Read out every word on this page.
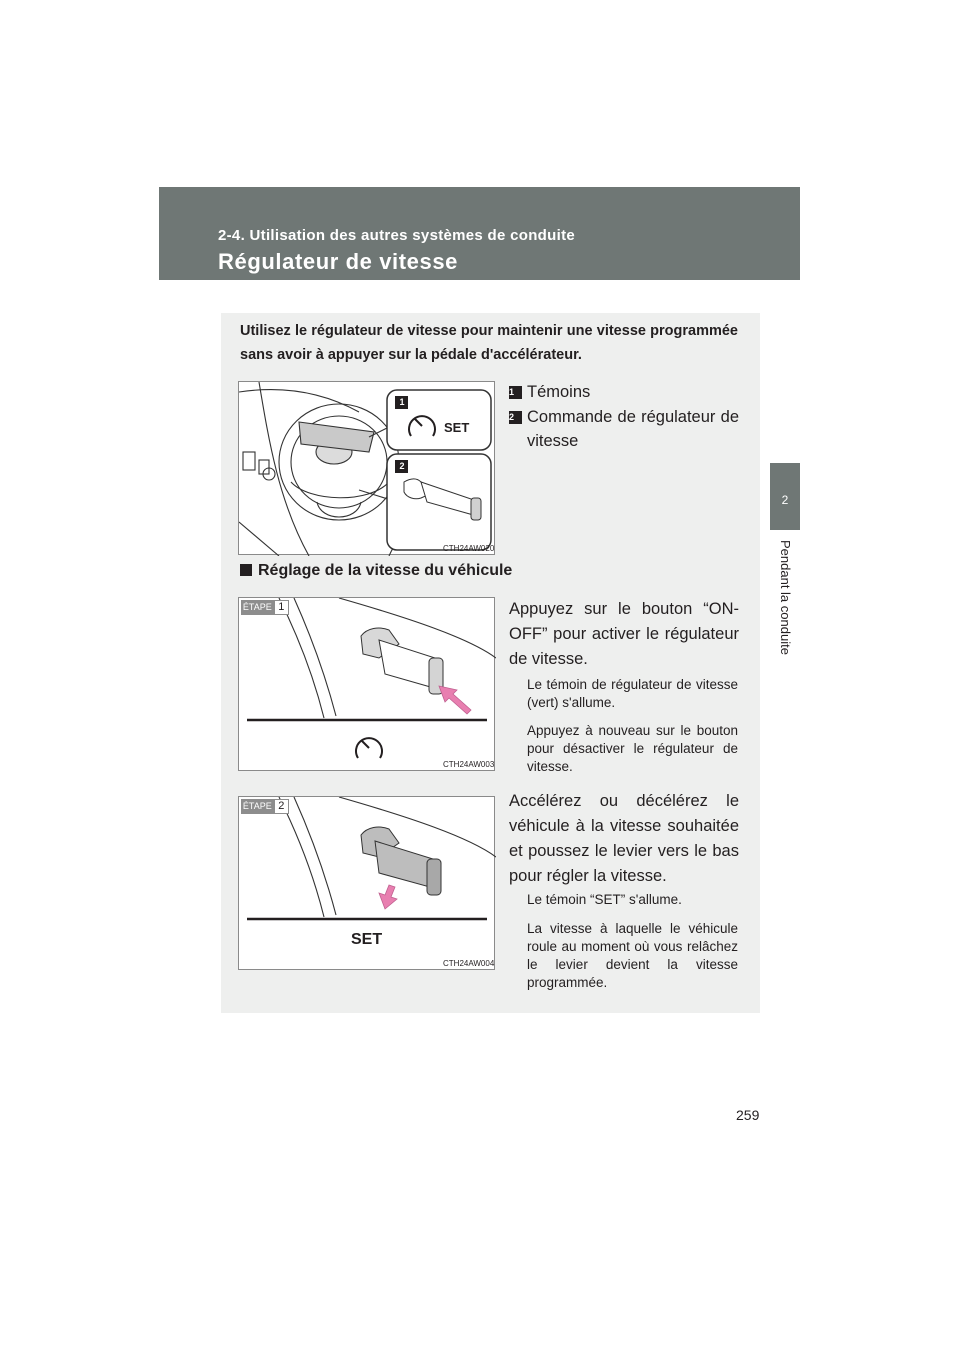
2-4. Utilisation des autres systèmes de conduite
Régulateur de vitesse
2
Pendant la conduite
Utilisez le régulateur de vitesse pour maintenir une vitesse programmée sans avoir à appuyer sur la pédale d'accélérateur.
1
SET
2
CTH24AW020
1 Témoins
2 Commande de régulateur de vitesse
Réglage de la vitesse du véhicule
ÉTAPE 1
CTH24AW003
Appuyez sur le bouton “ON-OFF” pour activer le régulateur de vitesse.
Le témoin de régulateur de vitesse (vert) s'allume.
Appuyez à nouveau sur le bouton pour désactiver le régulateur de vitesse.
ÉTAPE 2
SET
CTH24AW004
Accélérez ou décélérez le véhicule à la vitesse souhaitée et poussez le levier vers le bas pour régler la vitesse.
Le témoin “SET” s'allume.
La vitesse à laquelle le véhicule roule au moment où vous relâchez le levier devient la vitesse programmée.
259
